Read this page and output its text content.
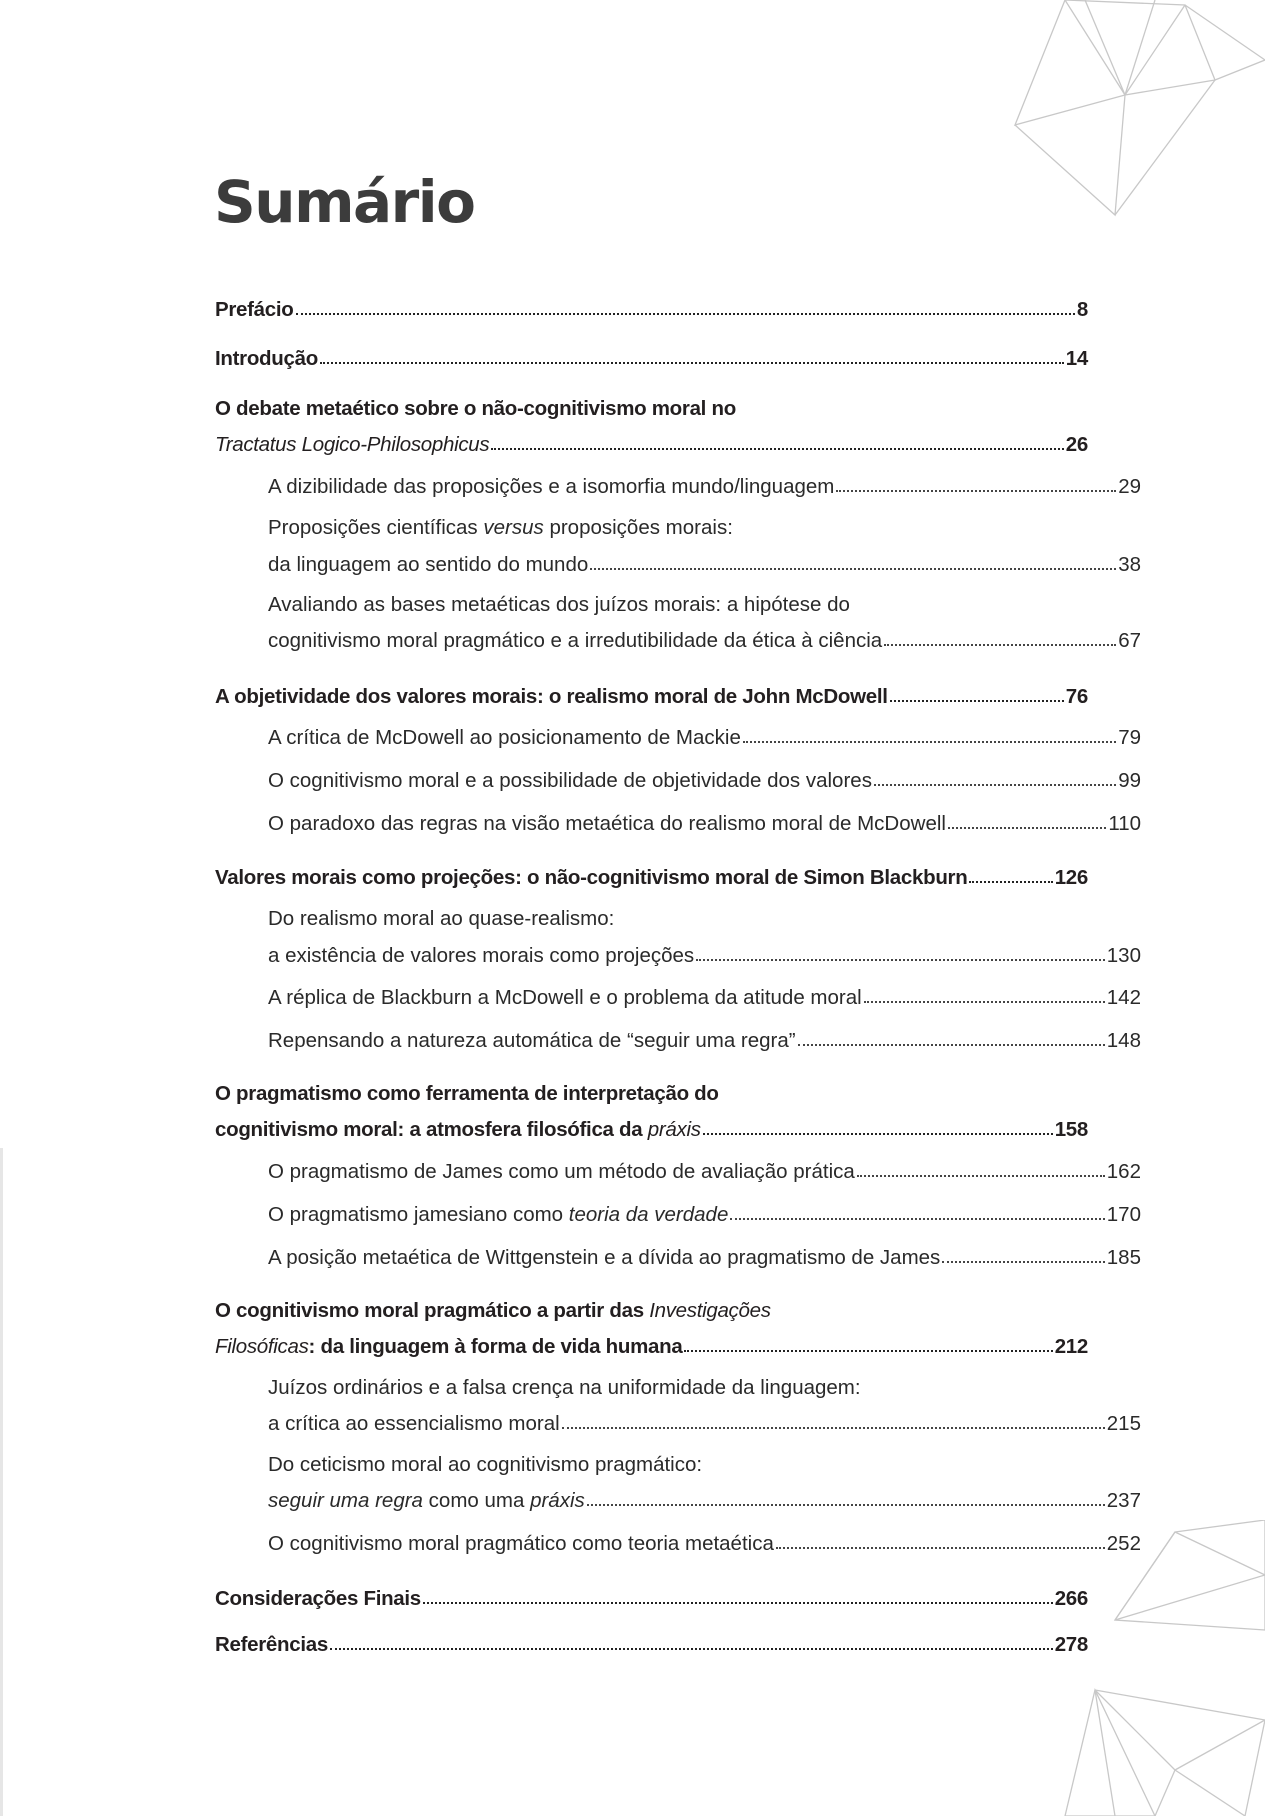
Sumário
Prefácio	8
Introdução	14
O debate metaético sobre o não-cognitivismo moral no
Tractatus Logico-Philosophicus	26
A dizibilidade das proposições e a isomorfia mundo/linguagem	29
Proposições científicas versus proposições morais:
da linguagem ao sentido do mundo	38
Avaliando as bases metaéticas dos juízos morais: a hipótese do
cognitivismo moral pragmático e a irredutibilidade da ética à ciência	67
A objetividade dos valores morais: o realismo moral de John McDowell	76
A crítica de McDowell ao posicionamento de Mackie	79
O cognitivismo moral e a possibilidade de objetividade dos valores	99
O paradoxo das regras na visão metaética do realismo moral de McDowell	110
Valores morais como projeções: o não-cognitivismo moral de Simon Blackburn	126
Do realismo moral ao quase-realismo:
a existência de valores morais como projeções	130
A réplica de Blackburn a McDowell e o problema da atitude moral	142
Repensando a natureza automática de “seguir uma regra”	148
O pragmatismo como ferramenta de interpretação do
cognitivismo moral: a atmosfera filosófica da práxis	158
O pragmatismo de James como um método de avaliação prática	162
O pragmatismo jamesiano como teoria da verdade	170
A posição metaética de Wittgenstein e a dívida ao pragmatismo de James	185
O cognitivismo moral pragmático a partir das Investigações
Filosóficas: da linguagem à forma de vida humana	212
Juízos ordinários e a falsa crença na uniformidade da linguagem:
a crítica ao essencialismo moral	215
Do ceticismo moral ao cognitivismo pragmático:
seguir uma regra como uma práxis	237
O cognitivismo moral pragmático como teoria metaética	252
Considerações Finais	266
Referências	278
